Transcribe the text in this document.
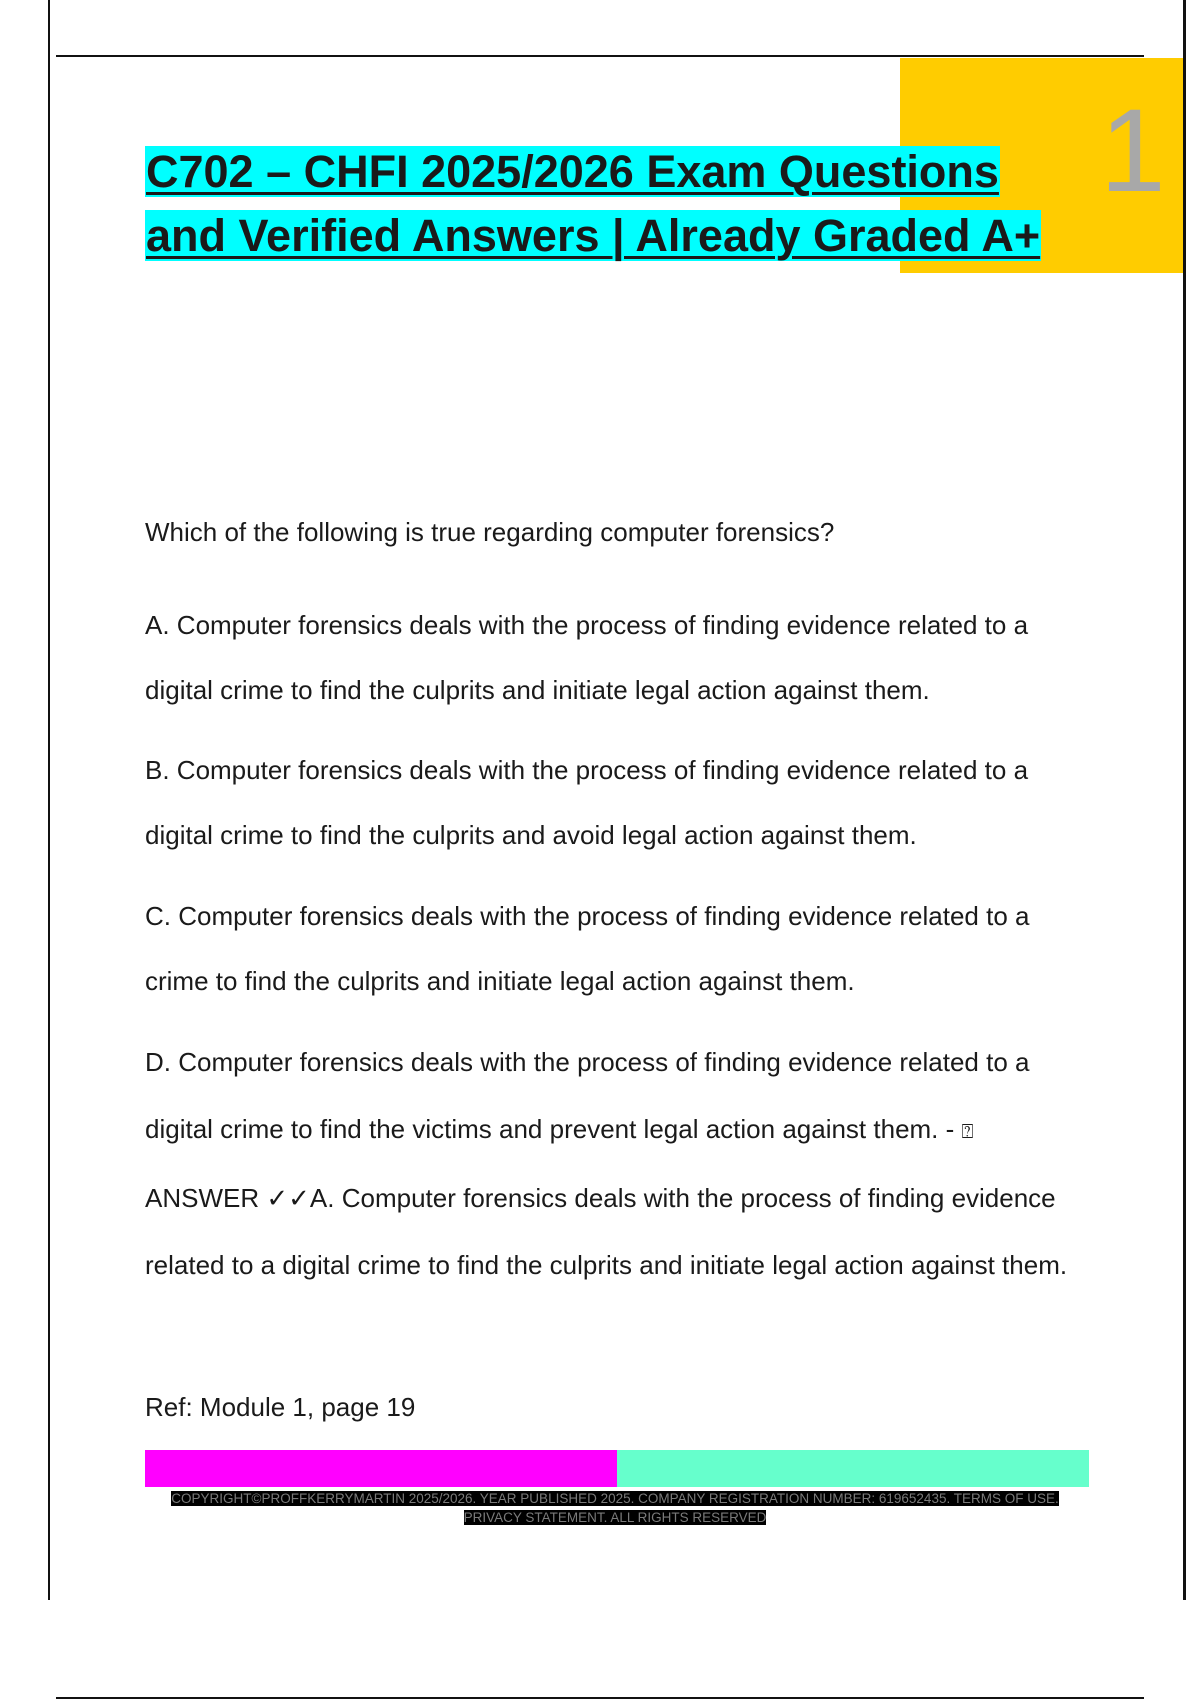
1
C702 – CHFI 2025/2026 Exam Questions and Verified Answers | Already Graded A+

Which of the following is true regarding computer forensics?

A. Computer forensics deals with the process of finding evidence related to a digital crime to find the culprits and initiate legal action against them.

B. Computer forensics deals with the process of finding evidence related to a digital crime to find the culprits and avoid legal action against them.

C. Computer forensics deals with the process of finding evidence related to a crime to find the culprits and initiate legal action against them.

D. Computer forensics deals with the process of finding evidence related to a digital crime to find the victims and prevent legal action against them. - ⍰
ANSWER ✓✓A. Computer forensics deals with the process of finding evidence related to a digital crime to find the culprits and initiate legal action against them.

Ref: Module 1, page 19

COPYRIGHT©PROFFKERRYMARTIN 2025/2026. YEAR PUBLISHED 2025. COMPANY REGISTRATION NUMBER: 619652435. TERMS OF USE.
PRIVACY STATEMENT. ALL RIGHTS RESERVED
